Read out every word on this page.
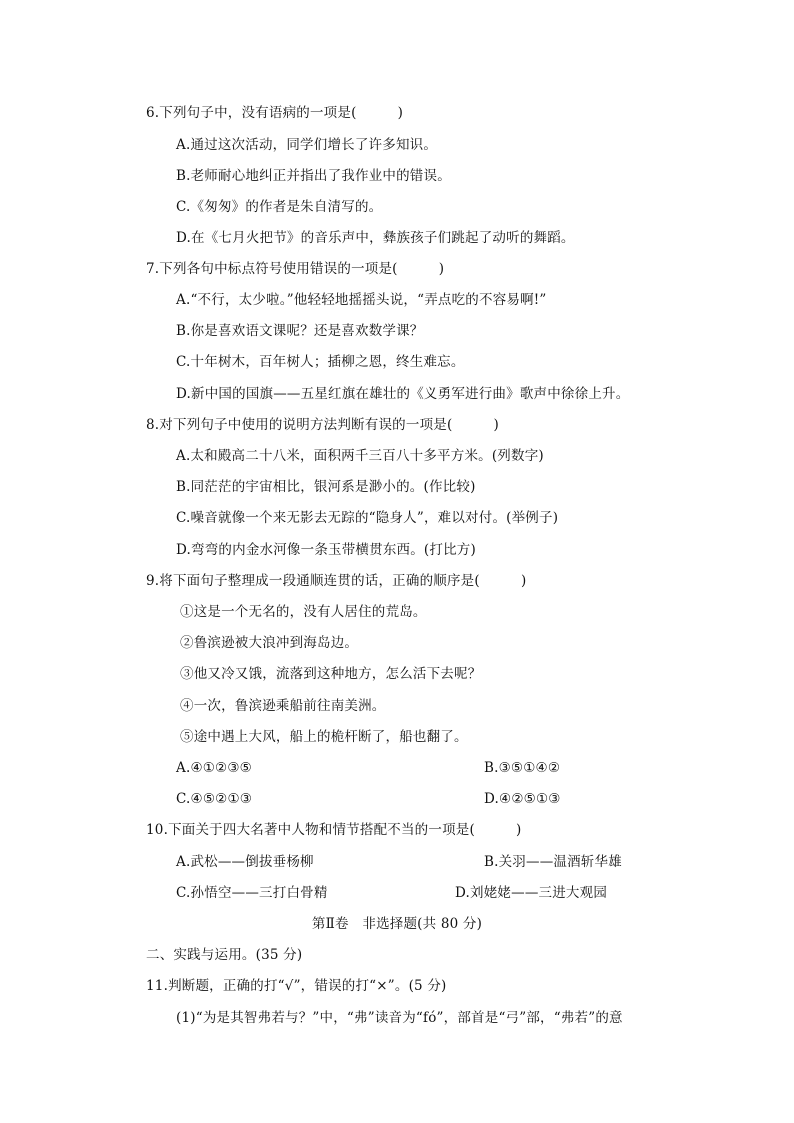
6.下列句子中，没有语病的一项是(　　　)
A.通过这次活动，同学们增长了许多知识。
B.老师耐心地纠正并指出了我作业中的错误。
C.《匆匆》的作者是朱自清写的。
D.在《七月火把节》的音乐声中，彝族孩子们跳起了动听的舞蹈。
7.下列各句中标点符号使用错误的一项是(　　　)
A.“不行，太少啦。”他轻轻地摇摇头说，“弄点吃的不容易啊!”
B.你是喜欢语文课呢？还是喜欢数学课？
C.十年树木，百年树人；插柳之恩，终生难忘。
D.新中国的国旗——五星红旗在雄壮的《义勇军进行曲》歌声中徐徐上升。
8.对下列句子中使用的说明方法判断有误的一项是(　　　)
A.太和殿高二十八米，面积两千三百八十多平方米。(列数字)
B.同茫茫的宇宙相比，银河系是渺小的。(作比较)
C.噪音就像一个来无影去无踪的“隐身人”，难以对付。(举例子)
D.弯弯的内金水河像一条玉带横贯东西。(打比方)
9.将下面句子整理成一段通顺连贯的话，正确的顺序是(　　　)
①这是一个无名的，没有人居住的荒岛。
②鲁滨逊被大浪冲到海岛边。
③他又冷又饿，流落到这种地方，怎么活下去呢？
④一次，鲁滨逊乘船前往南美洲。
⑤途中遇上大风，船上的桅杆断了，船也翻了。
A.④①②③⑤	B.③⑤①④②
C.④⑤②①③	D.④②⑤①③
10.下面关于四大名著中人物和情节搭配不当的一项是(　　　)
A.武松——倒拔垂杨柳	B.关羽——温酒斩华雄
C.孙悟空——三打白骨精	D.刘姥姥——三进大观园
第Ⅱ卷　非选择题(共 80 分)
二、实践与运用。(35 分)
11.判断题，正确的打“√”，错误的打“×”。(5 分)
(1)“为是其智弗若与？”中，“弗”读音为“fó”，部首是“弓”部，“弗若”的意
